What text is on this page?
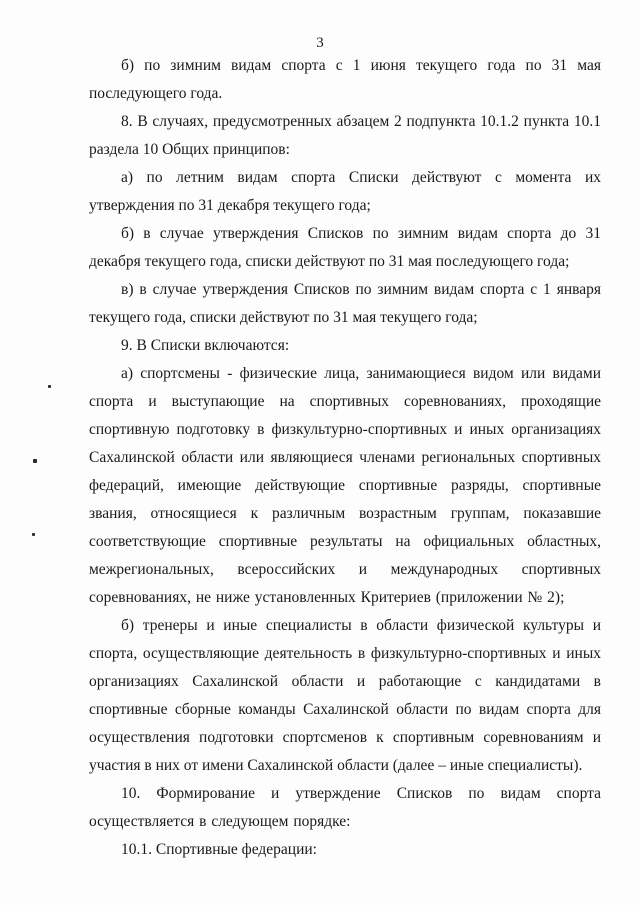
3

б) по зимним видам спорта с 1 июня текущего года по 31 мая последующего года.

8. В случаях, предусмотренных абзацем 2 подпункта 10.1.2 пункта 10.1 раздела 10 Общих принципов:

а) по летним видам спорта Списки действуют с момента их утверждения по 31 декабря текущего года;

б) в случае утверждения Списков по зимним видам спорта до 31 декабря текущего года, списки действуют по 31 мая последующего года;

в) в случае утверждения Списков по зимним видам спорта с 1 января текущего года, списки действуют по 31 мая текущего года;

9. В Списки включаются:

а) спортсмены - физические лица, занимающиеся видом или видами спорта и выступающие на спортивных соревнованиях, проходящие спортивную подготовку в физкультурно-спортивных и иных организациях Сахалинской области или являющиеся членами региональных спортивных федераций, имеющие действующие спортивные разряды, спортивные звания, относящиеся к различным возрастным группам, показавшие соответствующие спортивные результаты на официальных областных, межрегиональных, всероссийских и международных спортивных соревнованиях, не ниже установленных Критериев (приложении № 2);

б) тренеры и иные специалисты в области физической культуры и спорта, осуществляющие деятельность в физкультурно-спортивных и иных организациях Сахалинской области и работающие с кандидатами в спортивные сборные команды Сахалинской области по видам спорта для осуществления подготовки спортсменов к спортивным соревнованиям и участия в них от имени Сахалинской области (далее – иные специалисты).

10. Формирование и утверждение Списков по видам спорта осуществляется в следующем порядке:

10.1. Спортивные федерации:
